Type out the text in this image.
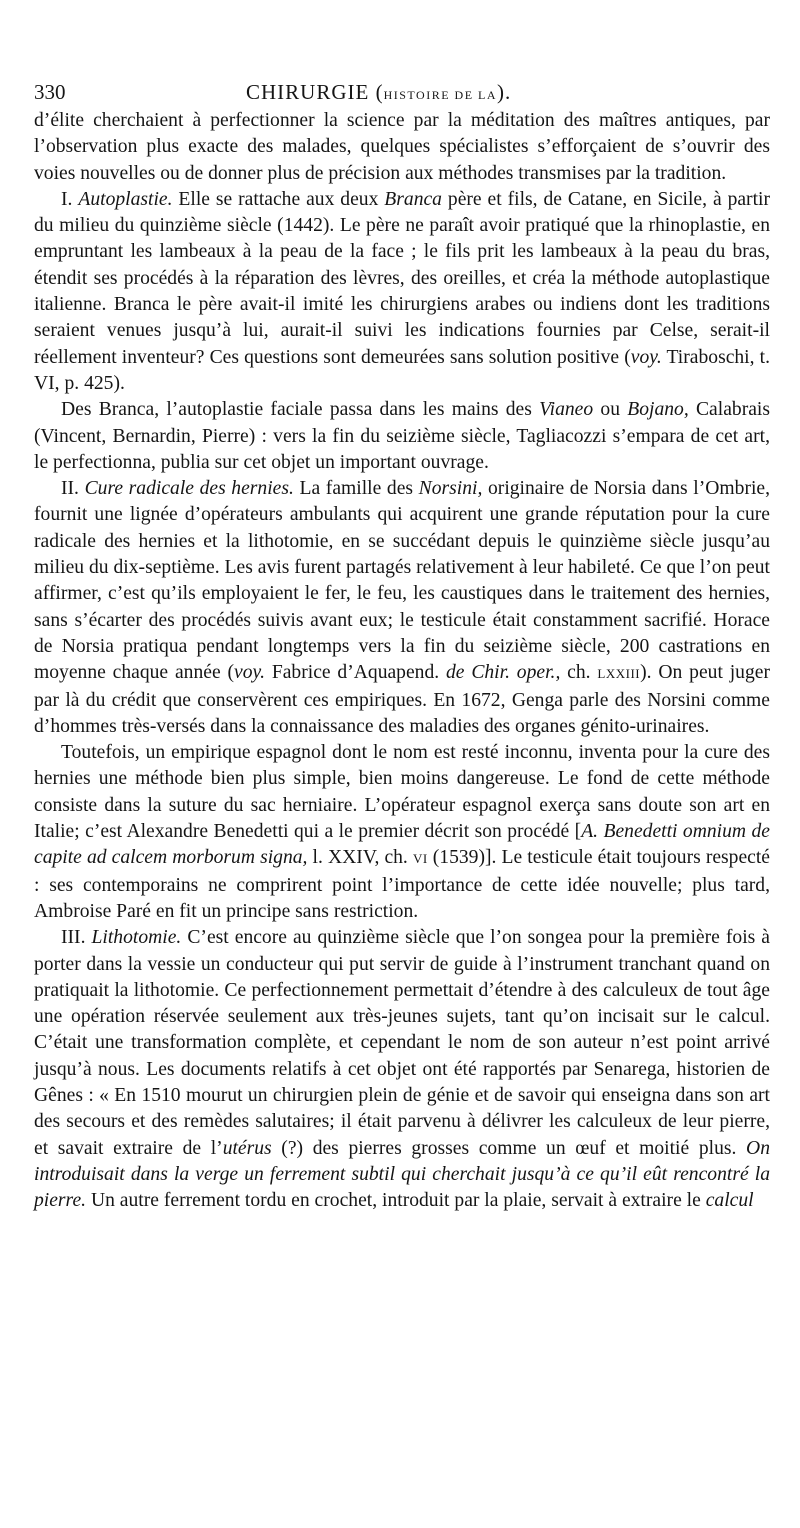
330	CHIRURGIE (HISTOIRE DE LA).

d’élite cherchaient à perfectionner la science par la méditation des maîtres antiques, par l’observation plus exacte des malades, quelques spécialistes s’efforçaient de s’ouvrir des voies nouvelles ou de donner plus de précision aux méthodes transmises par la tradition.

I. Autoplastie. Elle se rattache aux deux Branca père et fils, de Catane, en Sicile, à partir du milieu du quinzième siècle (1442). Le père ne paraît avoir pratiqué que la rhinoplastie, en empruntant les lambeaux à la peau de la face ; le fils prit les lambeaux à la peau du bras, étendit ses procédés à la réparation des lèvres, des oreilles, et créa la méthode autoplastique italienne. Branca le père avait-il imité les chirurgiens arabes ou indiens dont les traditions seraient venues jusqu’à lui, aurait-il suivi les indications fournies par Celse, serait-il réellement inventeur? Ces questions sont demeurées sans solution positive (voy. Tiraboschi, t. VI, p. 425).

Des Branca, l’autoplastie faciale passa dans les mains des Vianeo ou Bojano, Calabrais (Vincent, Bernardin, Pierre) : vers la fin du seizième siècle, Tagliacozzi s’empara de cet art, le perfectionna, publia sur cet objet un important ouvrage.

II. Cure radicale des hernies. La famille des Norsini, originaire de Norsia dans l’Ombrie, fournit une lignée d’opérateurs ambulants qui acquirent une grande réputation pour la cure radicale des hernies et la lithotomie, en se succédant depuis le quinzième siècle jusqu’au milieu du dix-septième. Les avis furent partagés relativement à leur habileté. Ce que l’on peut affirmer, c’est qu’ils employaient le fer, le feu, les caustiques dans le traitement des hernies, sans s’écarter des procédés suivis avant eux; le testicule était constamment sacrifié. Horace de Norsia pratiqua pendant longtemps vers la fin du seizième siècle, 200 castrations en moyenne chaque année (voy. Fabrice d’Aquapend. de Chir. oper., ch. LXXIII). On peut juger par là du crédit que conservèrent ces empiriques. En 1672, Genga parle des Norsini comme d’hommes très-versés dans la connaissance des maladies des organes génito-urinaires.

Toutefois, un empirique espagnol dont le nom est resté inconnu, inventa pour la cure des hernies une méthode bien plus simple, bien moins dangereuse. Le fond de cette méthode consiste dans la suture du sac herniaire. L’opérateur espagnol exerça sans doute son art en Italie; c’est Alexandre Benedetti qui a le premier décrit son procédé [A. Benedetti omnium de capite ad calcem morborum signa, l. XXIV, ch. VI (1539)]. Le testicule était toujours respecté : ses contemporains ne comprirent point l’importance de cette idée nouvelle; plus tard, Ambroise Paré en fit un principe sans restriction.

III. Lithotomie. C’est encore au quinzième siècle que l’on songea pour la première fois à porter dans la vessie un conducteur qui put servir de guide à l’instrument tranchant quand on pratiquait la lithotomie. Ce perfectionnement permettait d’étendre à des calculeux de tout âge une opération réservée seulement aux très-jeunes sujets, tant qu’on incisait sur le calcul. C’était une transformation complète, et cependant le nom de son auteur n’est point arrivé jusqu’à nous. Les documents relatifs à cet objet ont été rapportés par Senarega, historien de Gênes : « En 1510 mourut un chirurgien plein de génie et de savoir qui enseigna dans son art des secours et des remèdes salutaires; il était parvenu à délivrer les calculeux de leur pierre, et savait extraire de l’utérus (?) des pierres grosses comme un œuf et moitié plus. On introduisait dans la verge un ferrement subtil qui cherchait jusqu’à ce qu’il eût rencontré la pierre. Un autre ferrement tordu en crochet, introduit par la plaie, servait à extraire le calcul
